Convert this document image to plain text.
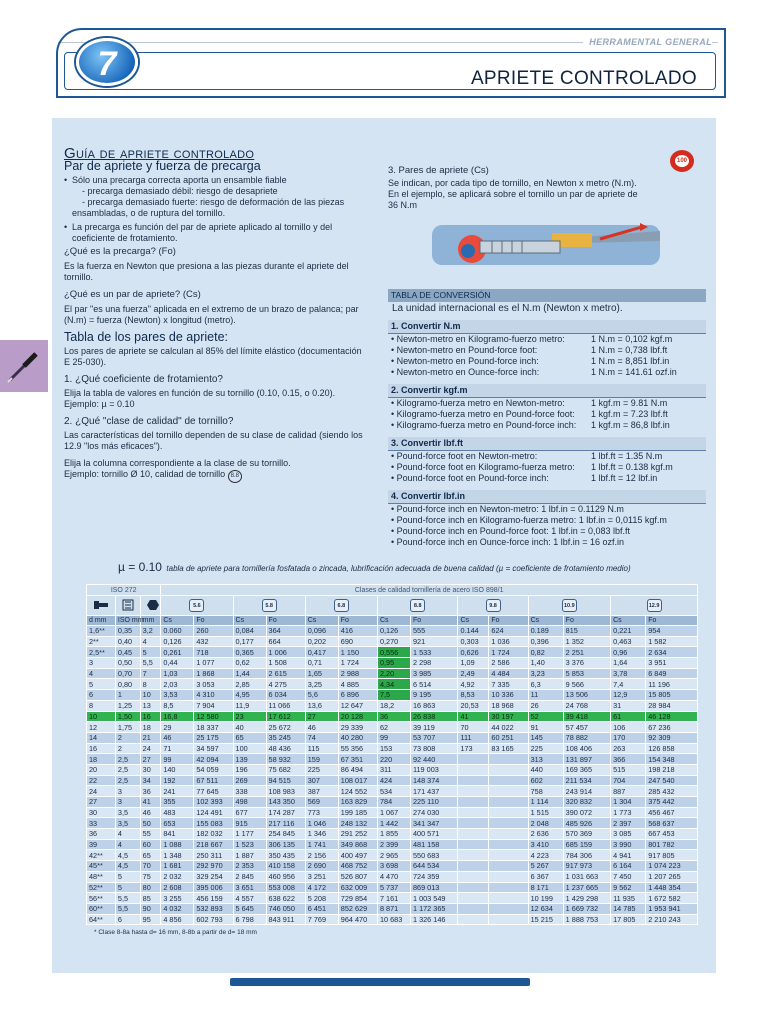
HERRAMENTAL GENERAL
APRIETE CONTROLADO
7
100
Guía de apriete controlado
Par de apriete y fuerza de precarga
• Sólo una precarga correcta aporta un ensamble fiable
- precarga demasiado débil: riesgo de desapriete
- precarga demasiado fuerte: riesgo de deformación de las piezas ensambladas, o de ruptura del tornillo.
• La precarga es función del par de apriete aplicado al tornillo y del coeficiente de frotamiento.
¿Qué es la precarga? (Fo)
Es la fuerza en Newton que presiona a las piezas durante el apriete del tornillo.
¿Qué es un par de apriete? (Cs)
El par "es una fuerza" aplicada en el extremo de un brazo de palanca; par (N.m) = fuerza (Newton) x longitud (metro).
Tabla de los pares de apriete:
Los pares de apriete se calculan al 85% del límite elástico (documentación E 25-030).
1. ¿Qué coeficiente de frotamiento?
Elija la tabla de valores en función de su tornillo (0.10, 0.15, o 0.20).
Ejemplo: µ = 0.10
2. ¿Qué "clase de calidad" de tornillo?
Las características del tornillo dependen de su clase de calidad (siendo los 12.9 "los más eficaces").
Elija la columna correspondiente a la clase de su tornillo.
Ejemplo: tornillo Ø 10, calidad de tornillo 8.8
3. Pares de apriete (Cs)
Se indican, por cada tipo de tornillo, en Newton x metro (N.m). En el ejemplo, se aplicará sobre el tornillo un par de apriete de 36 N.m
TABLA DE CONVERSIÓN
La unidad internacional es el N.m (Newton x metro).
1. Convertir N.m
• Newton-metro en Kilogramo-fuerzo metro:	1 N.m = 0,102 kgf.m
• Newton-metro en Pound-force foot:	1 N.m = 0,738 lbf.ft
• Newton-metro en Pound-force inch:	1 N.m = 8,851 lbf.in
• Newton-metro en Ounce-force inch:	1 N.m = 141.61 ozf.in
2. Convertir kgf.m
• Kilogramo-fuerza metro en Newton-metro:	1 kgf.m = 9.81 N.m
• Kilogramo-fuerza metro en Pound-force foot:	1 kgf.m = 7.23 lbf.ft
• Kilogramo-fuerza metro en Pound-force inch:	1 kgf.m = 86,8 lbf.in
3. Convertir lbf.ft
• Pound-force foot en Newton-metro:	1 lbf.ft = 1.35 N.m
• Pound-force foot en Kilogramo-fuerza metro:	1 lbf.ft = 0.138 kgf.m
• Pound-force foot en Pound-force inch:	1 lbf.ft = 12 lbf.in
4. Convertir lbf.in
• Pound-force inch en Newton-metro: 1 lbf.in = 0.1129 N.m
• Pound-force inch en Kilogramo-fuerza metro: 1 lbf.in = 0,0115 kgf.m
• Pound-force inch en Pound-force foot: 1 lbf.in = 0,083 lbf.ft
• Pound-force inch en Ounce-force inch: 1 lbf.in = 16 ozf.in
µ = 0.10 tabla de apriete para tornillería fosfatada o zincada, lubrificación adecuada de buena calidad (µ = coeficiente de frotamiento medio)
ISO 272			Clases de calidad tornillería de acero ISO 898/1													
			5.6		5.8		6.8		8.8		9.8		10.9		12.9	
d mm	ISO mm	mm	Cs	Fo	Cs	Fo	Cs	Fo	Cs	Fo	Cs	Fo	Cs	Fo	Cs	Fo
1,6**	0,35	3,2	0.060	260	0,084	364	0,096	416	0,126	555	0.144	624	0.189	815	0,221	954
2**	0,40	4	0,126	432	0,177	664	0,202	690	0,270	921	0,303	1 036	0,396	1 352	0,463	1 582
2,5**	0,45	5	0,261	718	0,365	1 006	0,417	1 150	0,556	1 533	0,626	1 724	0,82	2 251	0,96	2 634
3	0,50	5,5	0,44	1 077	0,62	1 508	0,71	1 724	0,95	2 298	1,09	2 586	1,40	3 376	1,64	3 951
4	0,70	7	1,03	1 868	1,44	2 615	1,65	2 988	2,20	3 985	2,49	4 484	3,23	5 853	3,78	6 849
5	0,80	8	2,03	3 053	2,85	4 275	3,25	4 885	4,34	6 514	4,92	7 335	6,3	9 566	7,4	11 196
6	1	10	3,53	4 310	4,95	6 034	5,6	6 896	7,5	9 195	8,53	10 336	11	13 506	12,9	15 805
8	1,25	13	8,5	7 904	11,9	11 066	13,6	12 647	18,2	16 863	20,53	18 968	26	24 768	31	28 984
10	1,50	16	16,8	12 580	23	17 612	27	20 128	36	26 838	41	30 197	52	39 418	61	46 128
12	1,75	18	29	18 337	40	25 672	46	29 339	62	39 119	70	44 022	91	57 457	106	67 236
14	2	21	46	25 175	65	35 245	74	40 280	99	53 707	111	60 251	145	78 882	170	92 309
16	2	24	71	34 597	100	48 436	115	55 356	153	73 808	173	83 165	225	108 406	263	126 858
18	2,5	27	99	42 094	139	58 932	159	67 351	220	92 440			313	131 897	366	154 348
20	2,5	30	140	54 059	196	75 682	225	86 494	311	119 003			440	169 365	515	198 218
22	2,5	34	192	67 511	269	94 515	307	108 017	424	148 374			602	211 534	704	247 540
24	3	36	241	77 645	338	108 983	387	124 552	534	171 437			758	243 914	887	285 432
27	3	41	355	102 393	498	143 350	569	163 829	784	225 110			1 114	320 832	1 304	375 442
30	3,5	46	483	124 491	677	174 287	773	199 185	1 067	274 030			1 515	390 072	1 773	456 467
33	3,5	50	653	155 083	915	217 116	1 046	248 132	1 442	341 347			2 048	485 926	2 397	568 637
36	4	55	841	182 032	1 177	254 845	1 346	291 252	1 855	400 571			2 636	570 369	3 085	667 453
39	4	60	1 088	218 667	1 523	306 135	1 741	349 868	2 399	481 158			3 410	685 159	3 990	801 782
42**	4,5	65	1 348	250 311	1 887	350 435	2 156	400 497	2 965	550 683			4 223	784 306	4 941	917 805
45**	4,5	70	1 681	292 970	2 353	410 158	2 690	468 752	3 698	644 534			5 267	917 973	6 164	1 074 223
48**	5	75	2 032	329 254	2 845	460 956	3 251	526 807	4 470	724 359			6 367	1 031 663	7 450	1 207 265
52**	5	80	2 608	395 006	3 651	553 008	4 172	632 009	5 737	869 013			8 171	1 237 665	9 562	1 448 354
56**	5,5	85	3 255	456 159	4 557	638 622	5 208	729 854	7 161	1 003 549			10 199	1 429 298	11 935	1 672 582
60**	5,5	90	4 032	532 893	5 645	746 050	6 451	852 629	8 871	1 172 365			12 634	1 669 732	14 785	1 953 941
64**	6	95	4 856	602 793	6 798	843 911	7 769	964 470	10 683	1 326 146			15 215	1 888 753	17 805	2 210 243
* Clase 8-8a hasta d= 16 mm, 8-8b a partir de d= 18 mm
